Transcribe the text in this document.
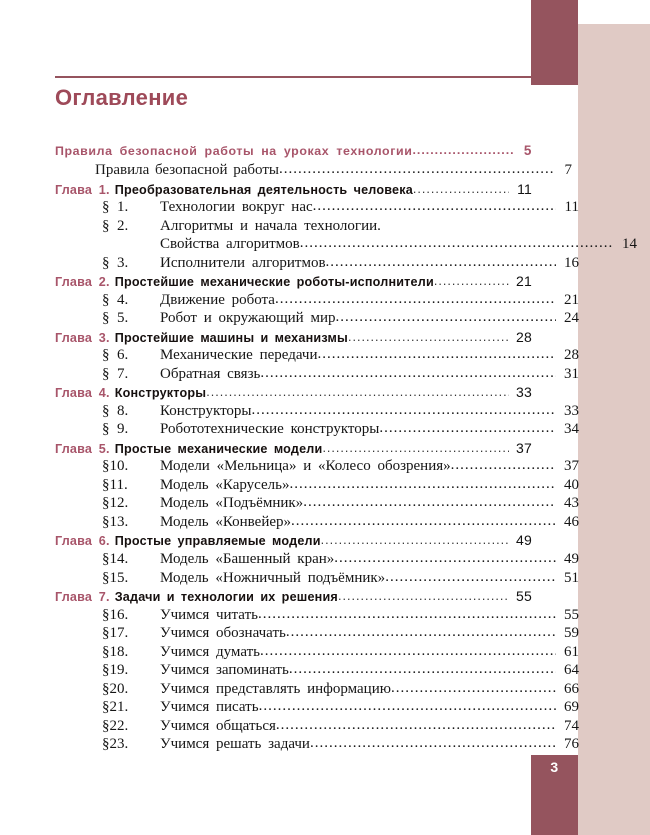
Оглавление
Правила безопасной работы на уроках технологии .....	5
Правила безопасной работы .....	7
Глава 1. Преобразовательная деятельность человека .....	11
§  1.	Технологии вокруг нас .....	11
§  2.	Алгоритмы и начала технологии.
Свойства алгоритмов .....	14
§  3.	Исполнители алгоритмов .....	16
Глава 2. Простейшие механические роботы-исполнители .....	21
§  4.	Движение робота .....	21
§  5.	Робот и окружающий мир .....	24
Глава 3. Простейшие машины и механизмы .....	28
§  6.	Механические передачи .....	28
§  7.	Обратная связь .....	31
Глава 4. Конструкторы .....	33
§  8.	Конструкторы .....	33
§  9.	Робототехнические конструкторы .....	34
Глава 5. Простые механические модели .....	37
§10.	Модели «Мельница» и «Колесо обозрения» .....	37
§11.	Модель «Карусель» .....	40
§12.	Модель «Подъёмник» .....	43
§13.	Модель «Конвейер» .....	46
Глава 6. Простые управляемые модели .....	49
§14.	Модель «Башенный кран» .....	49
§15.	Модель «Ножничный подъёмник» .....	51
Глава 7. Задачи и технологии их решения .....	55
§16.	Учимся читать .....	55
§17.	Учимся обозначать .....	59
§18.	Учимся думать .....	61
§19.	Учимся запоминать .....	64
§20.	Учимся представлять информацию .....	66
§21.	Учимся писать .....	69
§22.	Учимся общаться .....	74
§23.	Учимся решать задачи .....	76
3
